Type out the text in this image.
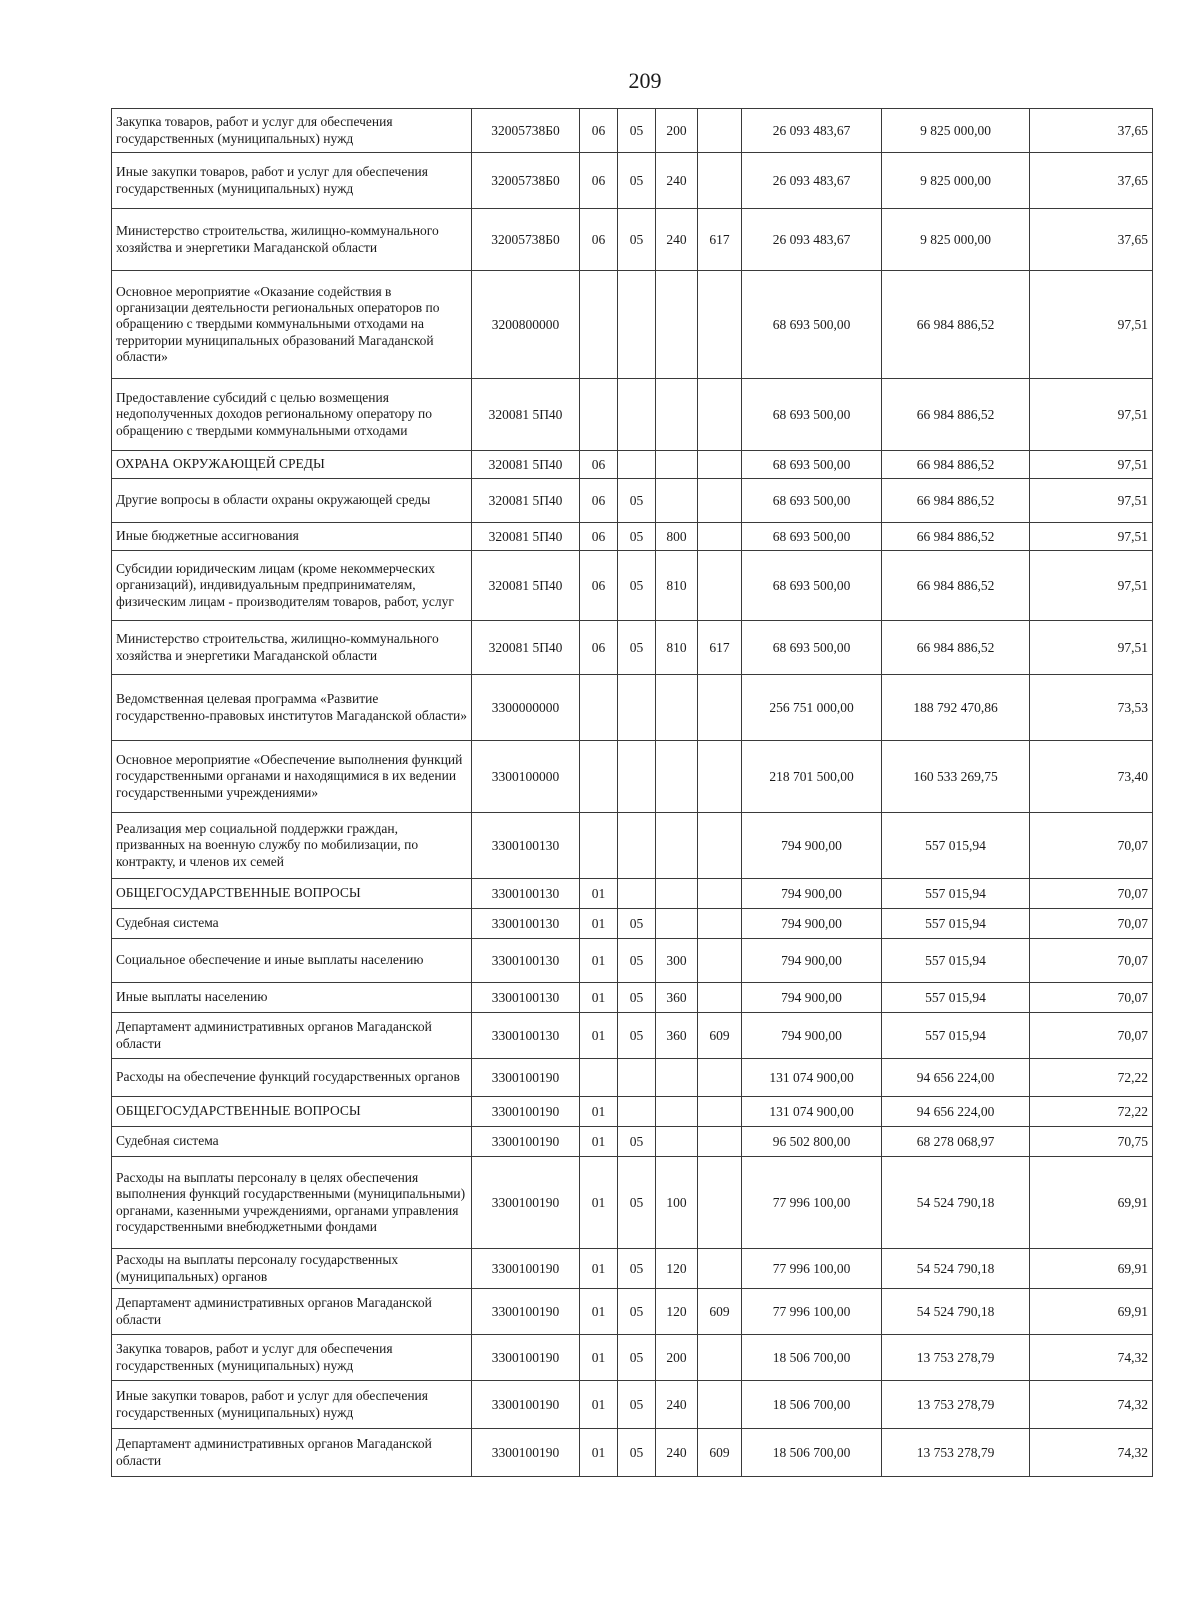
209
Закупка товаров, работ и услуг для обеспечения государственных (муниципальных) нужд	32005738Б0	06	05	200		26 093 483,67	9 825 000,00	37,65
Иные закупки товаров, работ и услуг для обеспечения государственных (муниципальных) нужд	32005738Б0	06	05	240		26 093 483,67	9 825 000,00	37,65
Министерство строительства, жилищно-коммунального хозяйства и энергетики Магаданской области	32005738Б0	06	05	240	617	26 093 483,67	9 825 000,00	37,65
Основное мероприятие «Оказание содействия в организации деятельности региональных операторов по обращению с твердыми коммунальными отходами на территории муниципальных образований Магаданской области»	3200800000					68 693 500,00	66 984 886,52	97,51
Предоставление субсидий с целью возмещения недополученных доходов региональному оператору по обращению с твердыми коммунальными отходами	320081 5П40					68 693 500,00	66 984 886,52	97,51
ОХРАНА ОКРУЖАЮЩЕЙ СРЕДЫ	320081 5П40	06				68 693 500,00	66 984 886,52	97,51
Другие вопросы в области охраны окружающей среды	320081 5П40	06	05			68 693 500,00	66 984 886,52	97,51
Иные бюджетные ассигнования	320081 5П40	06	05	800		68 693 500,00	66 984 886,52	97,51
Субсидии юридическим лицам (кроме некоммерческих организаций), индивидуальным предпринимателям, физическим лицам - производителям товаров, работ, услуг	320081 5П40	06	05	810		68 693 500,00	66 984 886,52	97,51
Министерство строительства, жилищно-коммунального хозяйства и энергетики Магаданской области	320081 5П40	06	05	810	617	68 693 500,00	66 984 886,52	97,51
Ведомственная целевая программа «Развитие государственно-правовых институтов Магаданской области»	3300000000					256 751 000,00	188 792 470,86	73,53
Основное мероприятие «Обеспечение выполнения функций государственными органами и находящимися в их ведении государственными учреждениями»	3300100000					218 701 500,00	160 533 269,75	73,40
Реализация мер социальной поддержки граждан, призванных на военную службу по мобилизации, по контракту, и членов их семей	3300100130					794 900,00	557 015,94	70,07
ОБЩЕГОСУДАРСТВЕННЫЕ ВОПРОСЫ	3300100130	01				794 900,00	557 015,94	70,07
Судебная система	3300100130	01	05			794 900,00	557 015,94	70,07
Социальное обеспечение и иные выплаты населению	3300100130	01	05	300		794 900,00	557 015,94	70,07
Иные выплаты населению	3300100130	01	05	360		794 900,00	557 015,94	70,07
Департамент административных органов Магаданской области	3300100130	01	05	360	609	794 900,00	557 015,94	70,07
Расходы на обеспечение функций государственных органов	3300100190					131 074 900,00	94 656 224,00	72,22
ОБЩЕГОСУДАРСТВЕННЫЕ ВОПРОСЫ	3300100190	01				131 074 900,00	94 656 224,00	72,22
Судебная система	3300100190	01	05			96 502 800,00	68 278 068,97	70,75
Расходы на выплаты персоналу в целях обеспечения выполнения функций государственными (муниципальными) органами, казенными учреждениями, органами управления государственными внебюджетными фондами	3300100190	01	05	100		77 996 100,00	54 524 790,18	69,91
Расходы на выплаты персоналу государственных (муниципальных) органов	3300100190	01	05	120		77 996 100,00	54 524 790,18	69,91
Департамент административных органов Магаданской области	3300100190	01	05	120	609	77 996 100,00	54 524 790,18	69,91
Закупка товаров, работ и услуг для обеспечения государственных (муниципальных) нужд	3300100190	01	05	200		18 506 700,00	13 753 278,79	74,32
Иные закупки товаров, работ и услуг для обеспечения государственных (муниципальных) нужд	3300100190	01	05	240		18 506 700,00	13 753 278,79	74,32
Департамент административных органов Магаданской области	3300100190	01	05	240	609	18 506 700,00	13 753 278,79	74,32
